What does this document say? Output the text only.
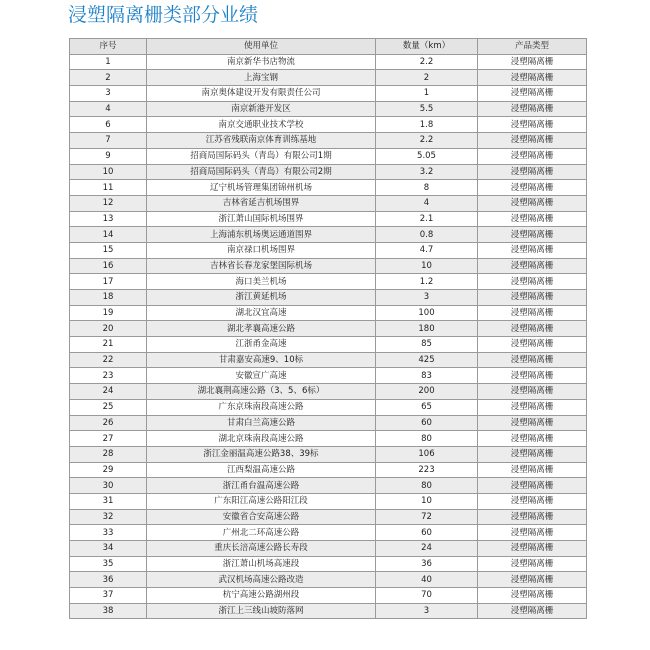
浸塑隔离栅类部分业绩
序号	使用单位	数量（km）	产品类型
1	南京新华书店物流	2.2	浸塑隔离栅
2	上海宝钢	2	浸塑隔离栅
3	南京奥体建设开发有限责任公司	1	浸塑隔离栅
4	南京新港开发区	5.5	浸塑隔离栅
6	南京交通职业技术学校	1.8	浸塑隔离栅
7	江苏省残联南京体育训练基地	2.2	浸塑隔离栅
9	招商局国际码头（青岛）有限公司1期	5.05	浸塑隔离栅
10	招商局国际码头（青岛）有限公司2期	3.2	浸塑隔离栅
11	辽宁机场管理集团锦州机场	8	浸塑隔离栅
12	吉林省延吉机场围界	4	浸塑隔离栅
13	浙江萧山国际机场围界	2.1	浸塑隔离栅
14	上海浦东机场奥运通道围界	0.8	浸塑隔离栅
15	南京禄口机场围界	4.7	浸塑隔离栅
16	吉林省长春龙家堡国际机场	10	浸塑隔离栅
17	海口美兰机场	1.2	浸塑隔离栅
18	浙江黄延机场	3	浸塑隔离栅
19	湖北汉宜高速	100	浸塑隔离栅
20	湖北孝襄高速公路	180	浸塑隔离栅
21	江浙甬金高速	85	浸塑隔离栅
22	甘肃嘉安高速9、10标	425	浸塑隔离栅
23	安徽宣广高速	83	浸塑隔离栅
24	湖北襄荆高速公路（3、5、6标）	200	浸塑隔离栅
25	广东京珠南段高速公路	65	浸塑隔离栅
26	甘肃白兰高速公路	60	浸塑隔离栅
27	湖北京珠南段高速公路	80	浸塑隔离栅
28	浙江金丽温高速公路38、39标	106	浸塑隔离栅
29	江西梨温高速公路	223	浸塑隔离栅
30	浙江甬台温高速公路	80	浸塑隔离栅
31	广东阳江高速公路阳江段	10	浸塑隔离栅
32	安徽省合安高速公路	72	浸塑隔离栅
33	广州北二环高速公路	60	浸塑隔离栅
34	重庆长涪高速公路长寿段	24	浸塑隔离栅
35	浙江萧山机场高速段	36	浸塑隔离栅
36	武汉机场高速公路改造	40	浸塑隔离栅
37	杭宁高速公路湖州段	70	浸塑隔离栅
38	浙江上三线山坡防落网	3	浸塑隔离栅
